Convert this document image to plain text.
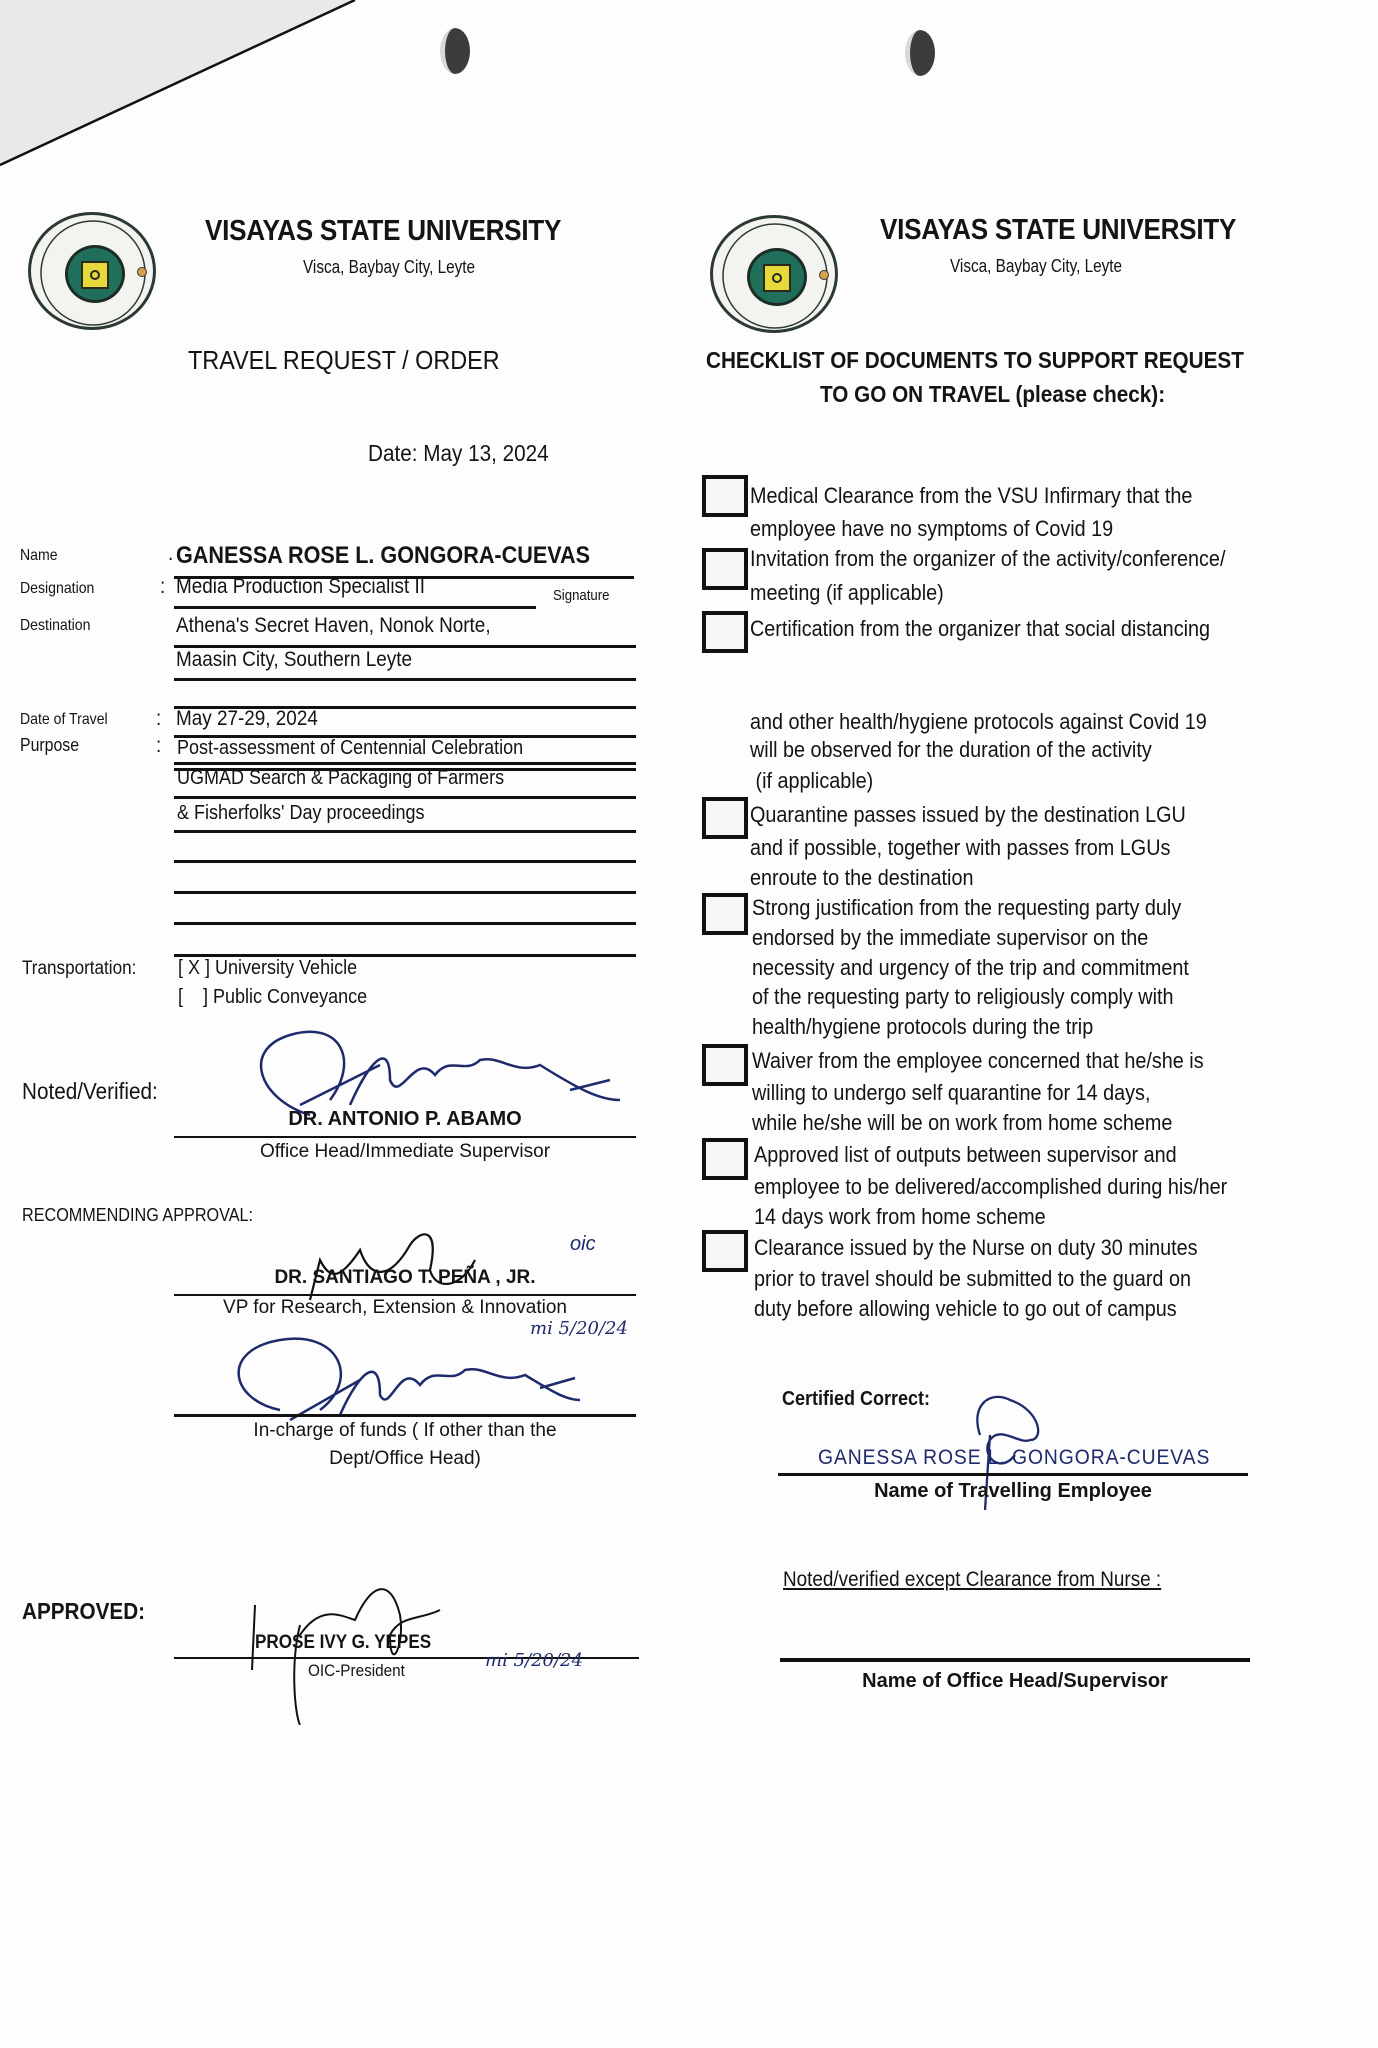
VISAYAS STATE UNIVERSITY
Visca, Baybay City, Leyte
TRAVEL REQUEST / ORDER
Date: May 13, 2024
Name	. GANESSA ROSE L. GONGORA-CUEVAS
Designation	: Media Production Specialist II	Signature
Destination	Athena's Secret Haven, Nonok Norte,
Maasin City, Southern Leyte
Date of Travel : May 27-29, 2024
Purpose	: Post-assessment of Centennial Celebration
UGMAD Search & Packaging of Farmers
& Fisherfolks' Day proceedings
Transportation: [ X ] University Vehicle
[    ] Public Conveyance
Noted/Verified:
DR. ANTONIO P. ABAMO
Office Head/Immediate Supervisor
RECOMMENDING APPROVAL:
oic
DR. SANTIAGO T. PEÑA , JR.
VP for Research, Extension & Innovation
mi 5/20/24
In-charge of funds ( If other than the
Dept/Office Head)
APPROVED:
PROSE IVY G. YEPES
OIC-President	mi 5/20/24
VISAYAS STATE UNIVERSITY
Visca, Baybay City, Leyte
CHECKLIST OF DOCUMENTS TO SUPPORT REQUEST
TO GO ON TRAVEL (please check):
Medical Clearance from the VSU Infirmary that the
employee have no symptoms of Covid 19
Invitation from the organizer of the activity/conference/
meeting (if applicable)
Certification from the organizer that social distancing
and other health/hygiene protocols against Covid 19
will be observed for the duration of the activity
(if applicable)
Quarantine passes issued by the destination LGU
and if possible, together with passes from LGUs
enroute to the destination
Strong justification from the requesting party duly
endorsed by the immediate supervisor on the
necessity and urgency of the trip and commitment
of the requesting party to religiously comply with
health/hygiene protocols during the trip
Waiver from the employee concerned that he/she is
willing to undergo self quarantine for 14 days,
while he/she will be on work from home scheme
Approved list of outputs between supervisor and
employee to be delivered/accomplished during his/her
14 days work from home scheme
Clearance issued by the Nurse on duty 30 minutes
prior to travel should be submitted to the guard on
duty before allowing vehicle to go out of campus
Certified Correct:
GANESSA ROSE L. GONGORA-CUEVAS
Name of Travelling Employee
Noted/verified except Clearance from Nurse :
Name of Office Head/Supervisor
